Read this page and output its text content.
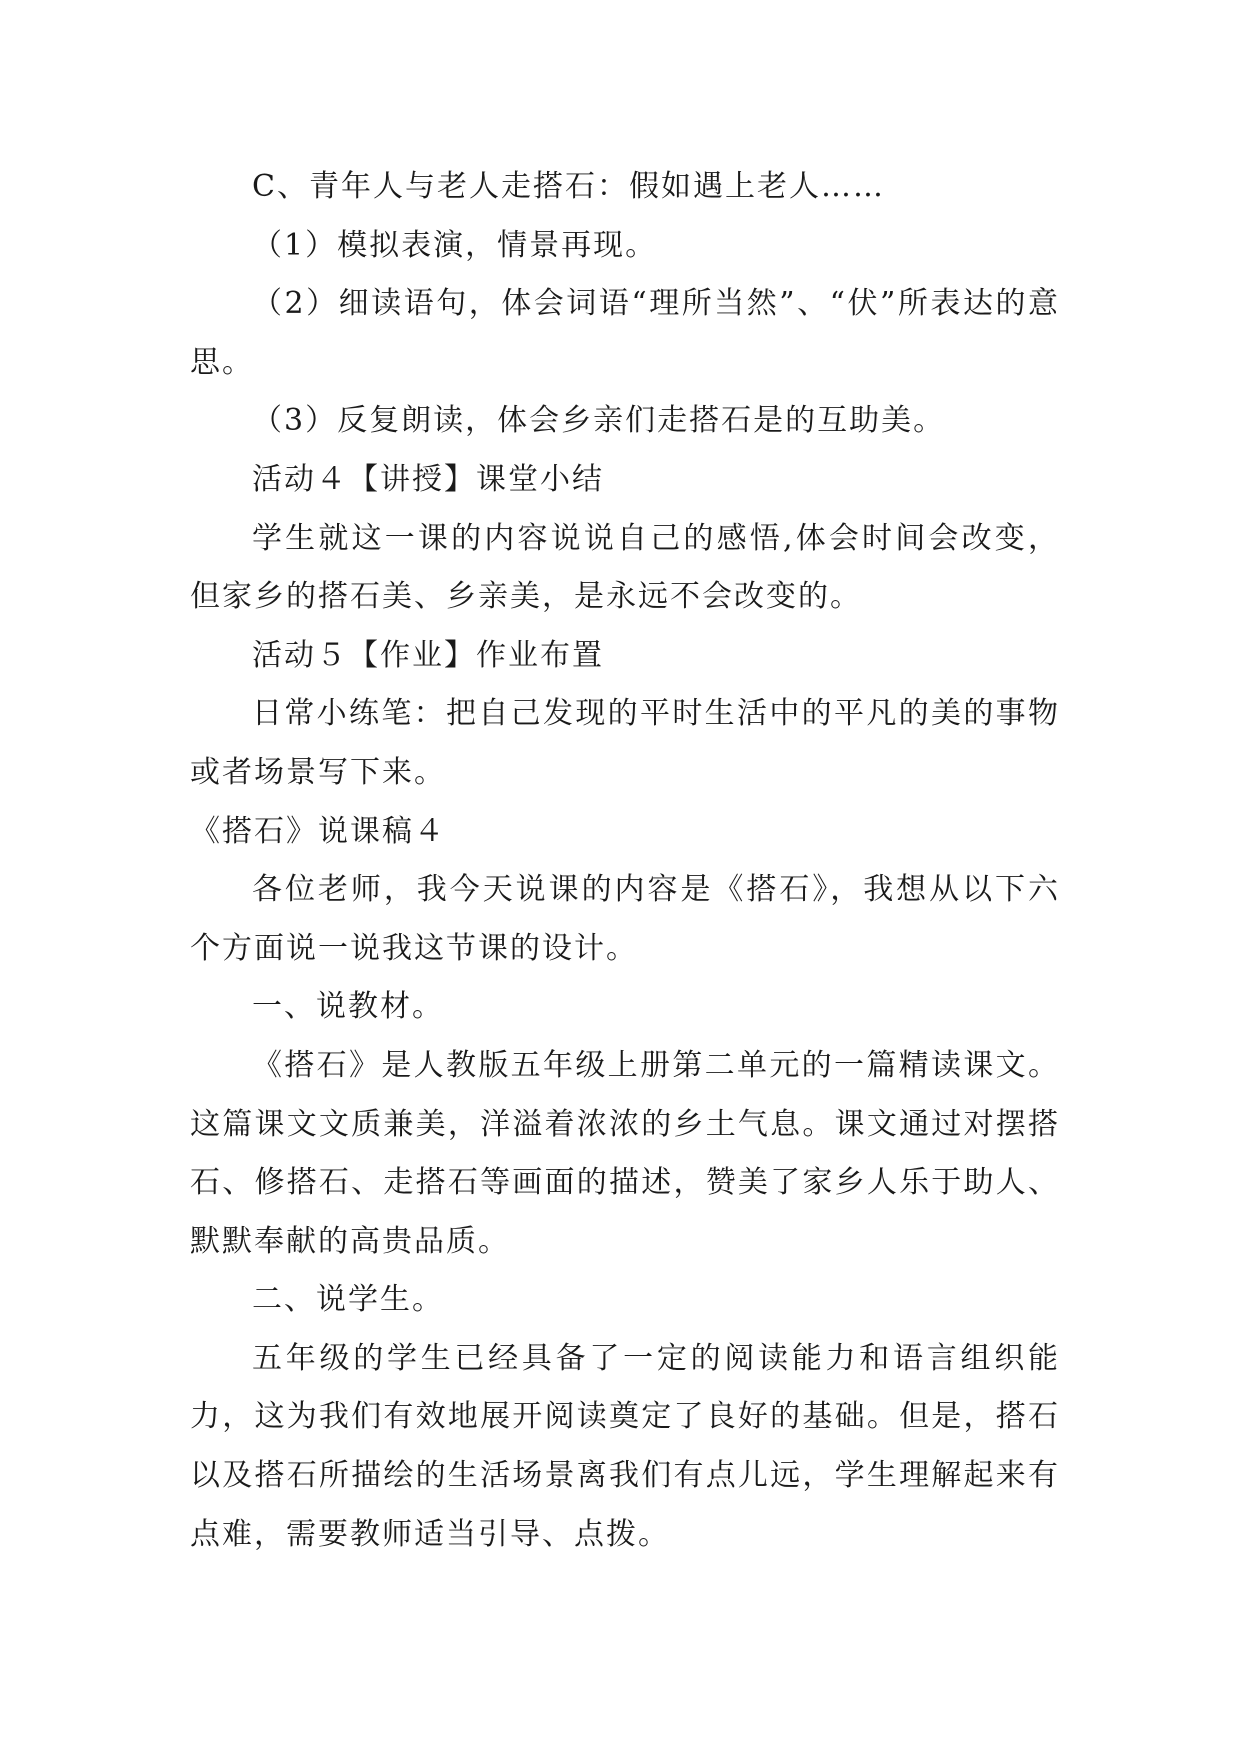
C、青年人与老人走搭石：假如遇上老人……

（1）模拟表演，情景再现。

（2）细读语句，体会词语“理所当然”、“伏”所表达的意思。

（3）反复朗读，体会乡亲们走搭石是的互助美。

活动４【讲授】课堂小结

学生就这一课的内容说说自己的感悟,体会时间会改变，但家乡的搭石美、乡亲美，是永远不会改变的。

活动５【作业】作业布置

日常小练笔：把自己发现的平时生活中的平凡的美的事物或者场景写下来。

《搭石》说课稿４

各位老师，我今天说课的内容是《搭石》，我想从以下六个方面说一说我这节课的设计。

一、说教材。

《搭石》是人教版五年级上册第二单元的一篇精读课文。这篇课文文质兼美，洋溢着浓浓的乡土气息。课文通过对摆搭石、修搭石、走搭石等画面的描述，赞美了家乡人乐于助人、默默奉献的高贵品质。

二、说学生。

五年级的学生已经具备了一定的阅读能力和语言组织能力，这为我们有效地展开阅读奠定了良好的基础。但是，搭石以及搭石所描绘的生活场景离我们有点儿远，学生理解起来有点难，需要教师适当引导、点拨。
